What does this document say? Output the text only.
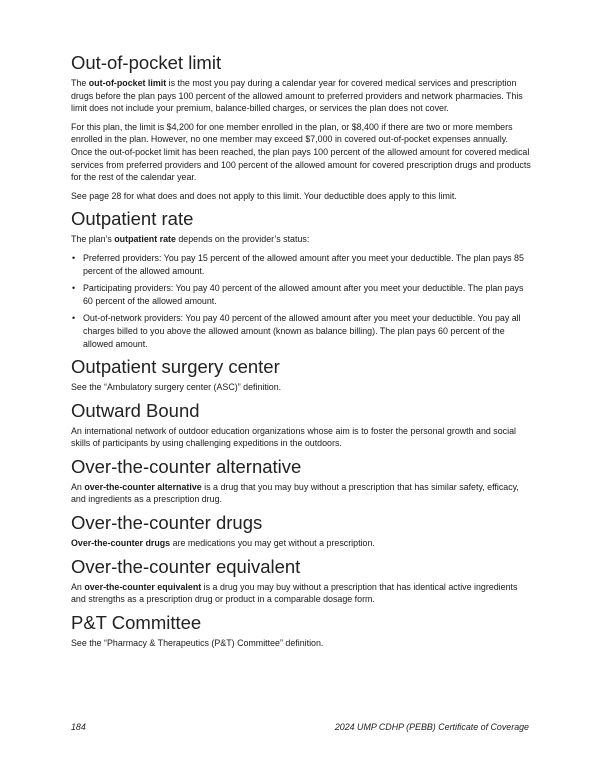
Out-of-pocket limit

The out-of-pocket limit is the most you pay during a calendar year for covered medical services and prescription drugs before the plan pays 100 percent of the allowed amount to preferred providers and network pharmacies. This limit does not include your premium, balance-billed charges, or services the plan does not cover.

For this plan, the limit is $4,200 for one member enrolled in the plan, or $8,400 if there are two or more members enrolled in the plan. However, no one member may exceed $7,000 in covered out-of-pocket expenses annually. Once the out-of-pocket limit has been reached, the plan pays 100 percent of the allowed amount for covered medical services from preferred providers and 100 percent of the allowed amount for covered prescription drugs and products for the rest of the calendar year.

See page 28 for what does and does not apply to this limit. Your deductible does apply to this limit.

Outpatient rate

The plan’s outpatient rate depends on the provider’s status:

• Preferred providers: You pay 15 percent of the allowed amount after you meet your deductible. The plan pays 85 percent of the allowed amount.
• Participating providers: You pay 40 percent of the allowed amount after you meet your deductible. The plan pays 60 percent of the allowed amount.
• Out-of-network providers: You pay 40 percent of the allowed amount after you meet your deductible. You pay all charges billed to you above the allowed amount (known as balance billing). The plan pays 60 percent of the allowed amount.
Outpatient surgery center

See the “Ambulatory surgery center (ASC)” definition.

Outward Bound

An international network of outdoor education organizations whose aim is to foster the personal growth and social skills of participants by using challenging expeditions in the outdoors.

Over-the-counter alternative

An over-the-counter alternative is a drug that you may buy without a prescription that has similar safety, efficacy, and ingredients as a prescription drug.

Over-the-counter drugs

Over-the-counter drugs are medications you may get without a prescription.

Over-the-counter equivalent

An over-the-counter equivalent is a drug you may buy without a prescription that has identical active ingredients and strengths as a prescription drug or product in a comparable dosage form.

P&T Committee

See the “Pharmacy & Therapeutics (P&T) Committee” definition.

184	2024 UMP CDHP (PEBB) Certificate of Coverage
